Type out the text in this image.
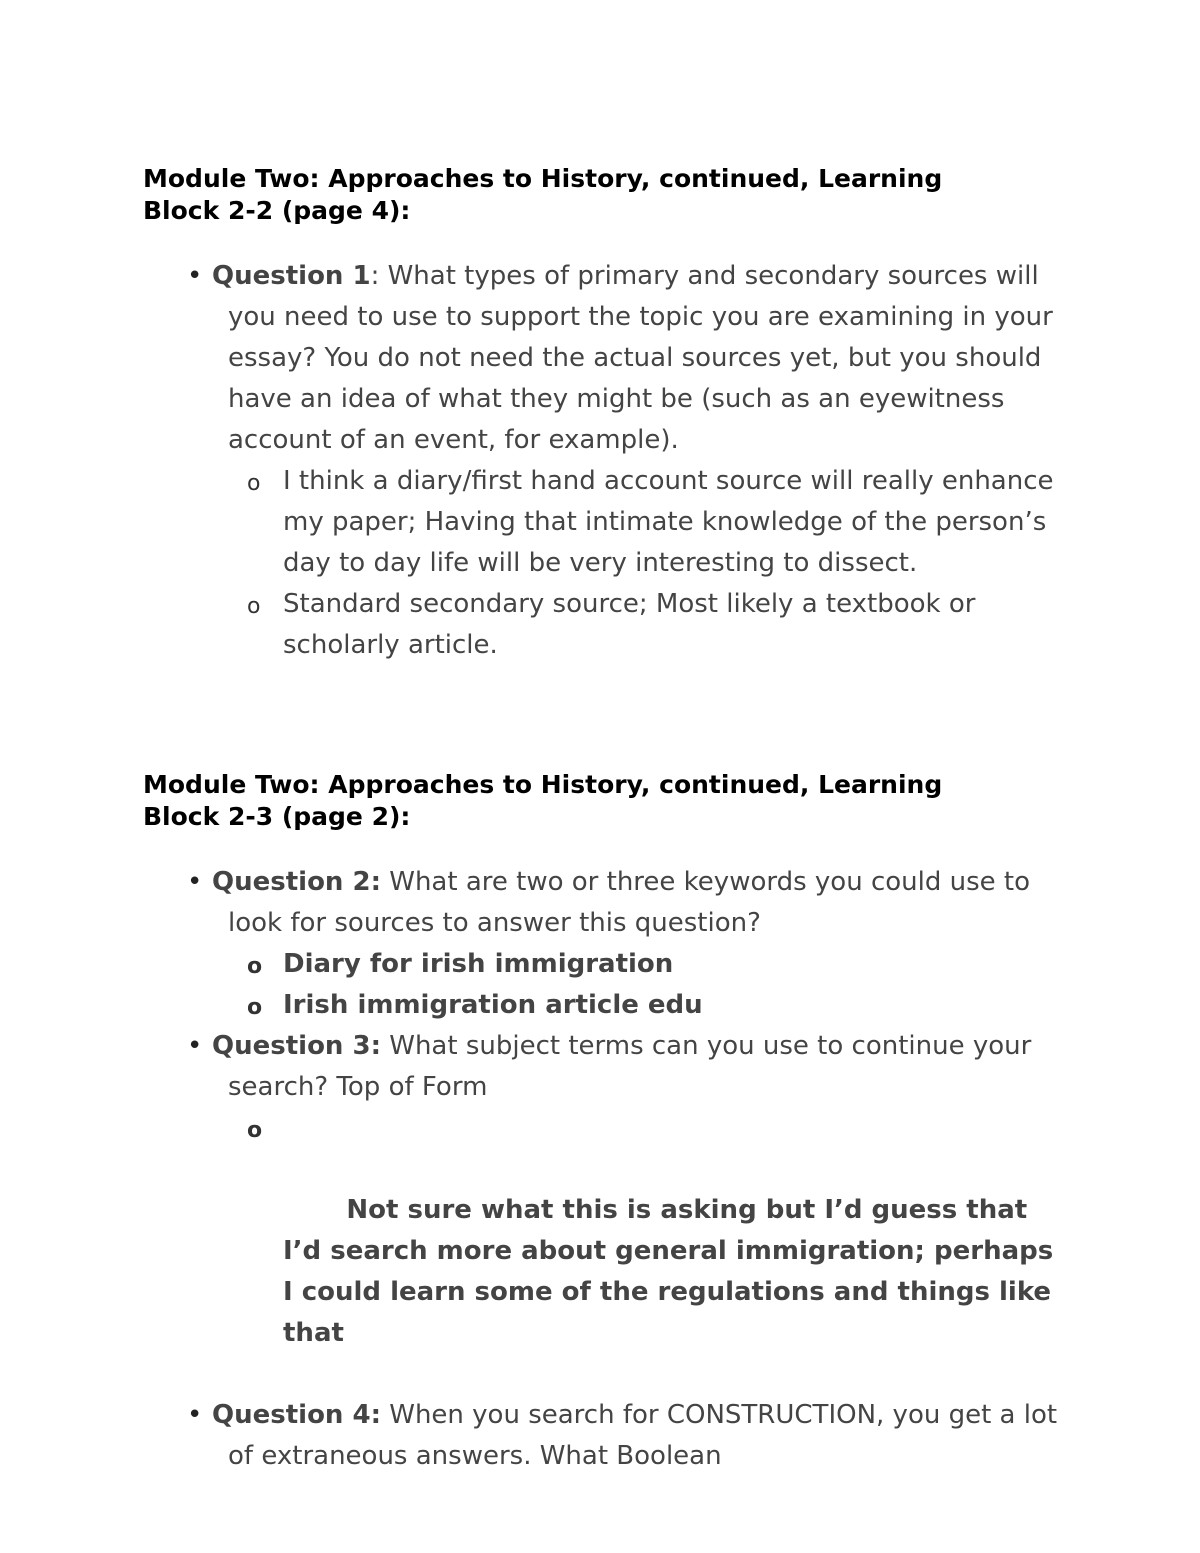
Module Two: Approaches to History, continued, Learning
Block 2-2 (page 4):
• Question 1: What types of primary and secondary sources will you need to use to support the topic you are examining in your essay? You do not need the actual sources yet, but you should have an idea of what they might be (such as an eyewitness account of an event, for example).
o I think a diary/first hand account source will really enhance my paper; Having that intimate knowledge of the person’s day to day life will be very interesting to dissect.
o Standard secondary source; Most likely a textbook or scholarly article.
Module Two: Approaches to History, continued, Learning
Block 2-3 (page 2):
• Question 2: What are two or three keywords you could use to look for sources to answer this question?
o Diary for irish immigration
o Irish immigration article edu
• Question 3: What subject terms can you use to continue your search? Top of Form

o

Not sure what this is asking but I’d guess that I’d search more about general immigration; perhaps I could learn some of the regulations and things like that

• Question 4: When you search for CONSTRUCTION, you get a lot of extraneous answers. What Boolean
